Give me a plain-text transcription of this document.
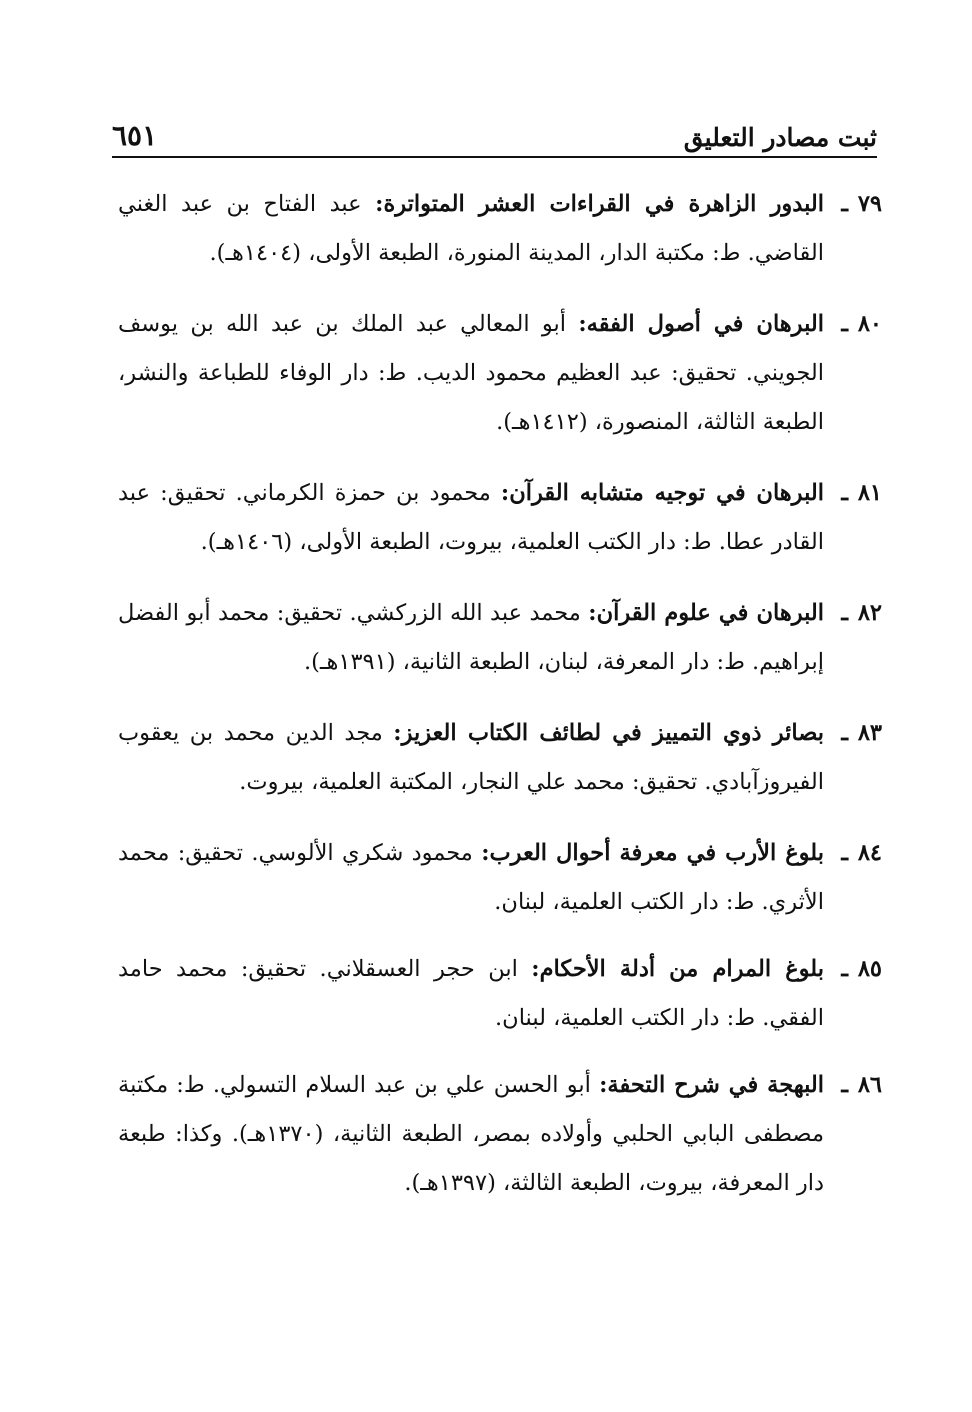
ثبت مصادر التعليق
٦٥١
٧٩ ـ
البدور الزاهرة في القراءات العشر المتواترة: عبد الفتاح بن عبد الغني القاضي. ط: مكتبة الدار، المدينة المنورة، الطبعة الأولى، (١٤٠٤هـ).
٨٠ ـ
البرهان في أصول الفقه: أبو المعالي عبد الملك بن عبد الله بن يوسف الجويني. تحقيق: عبد العظيم محمود الديب. ط: دار الوفاء للطباعة والنشر، الطبعة الثالثة، المنصورة، (١٤١٢هـ).
٨١ ـ
البرهان في توجيه متشابه القرآن: محمود بن حمزة الكرماني. تحقيق: عبد القادر عطا. ط: دار الكتب العلمية، بيروت، الطبعة الأولى، (١٤٠٦هـ).
٨٢ ـ
البرهان في علوم القرآن: محمد عبد الله الزركشي. تحقيق: محمد أبو الفضل إبراهيم. ط: دار المعرفة، لبنان، الطبعة الثانية، (١٣٩١هـ).
٨٣ ـ
بصائر ذوي التمييز في لطائف الكتاب العزيز: مجد الدين محمد بن يعقوب الفيروزآبادي. تحقيق: محمد علي النجار، المكتبة العلمية، بيروت.
٨٤ ـ
بلوغ الأرب في معرفة أحوال العرب: محمود شكري الألوسي. تحقيق: محمد الأثري. ط: دار الكتب العلمية، لبنان.
٨٥ ـ
بلوغ المرام من أدلة الأحكام: ابن حجر العسقلاني. تحقيق: محمد حامد الفقي. ط: دار الكتب العلمية، لبنان.
٨٦ ـ
البهجة في شرح التحفة: أبو الحسن علي بن عبد السلام التسولي. ط: مكتبة مصطفى البابي الحلبي وأولاده بمصر، الطبعة الثانية، (١٣٧٠هـ). وكذا: طبعة دار المعرفة، بيروت، الطبعة الثالثة، (١٣٩٧هـ).
